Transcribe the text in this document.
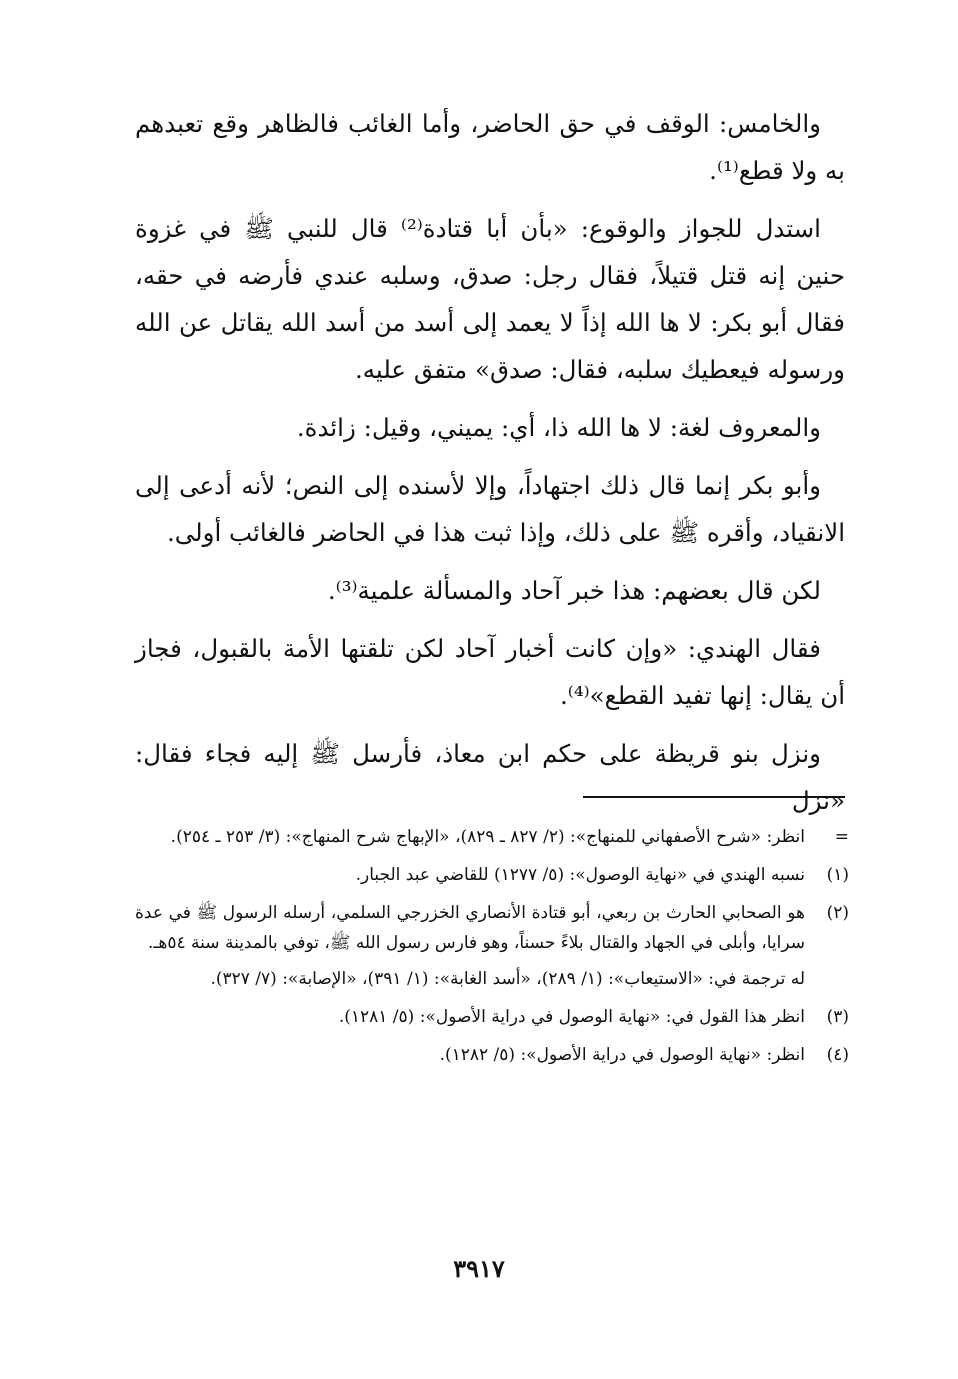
والخامس: الوقف في حق الحاضر، وأما الغائب فالظاهر وقع تعبدهم به ولا قطع⁽¹⁾.

استدل للجواز والوقوع: «بأن أبا قتادة⁽²⁾ قال للنبي ﷺ في غزوة حنين إنه قتل قتيلاً، فقال رجل: صدق، وسلبه عندي فأرضه في حقه، فقال أبو بكر: لا ها الله إذاً لا يعمد إلى أسد من أسد الله يقاتل عن الله ورسوله فيعطيك سلبه، فقال: صدق» متفق عليه.

والمعروف لغة: لا ها الله ذا، أي: يميني، وقيل: زائدة.

وأبو بكر إنما قال ذلك اجتهاداً، وإلا لأسنده إلى النص؛ لأنه أدعى إلى الانقياد، وأقره ﷺ على ذلك، وإذا ثبت هذا في الحاضر فالغائب أولى.

لكن قال بعضهم: هذا خبر آحاد والمسألة علمية⁽³⁾.

فقال الهندي: «وإن كانت أخبار آحاد لكن تلقتها الأمة بالقبول، فجاز أن يقال: إنها تفيد القطع»⁽⁴⁾.

ونزل بنو قريظة على حكم ابن معاذ، فأرسل ﷺ إليه فجاء فقال: «نزل

=
انظر: «شرح الأصفهاني للمنهاج»: (٢/ ٨٢٧ ـ ٨٢٩)، «الإبهاج شرح المنهاج»: (٣/ ٢٥٣ ـ ٢٥٤).
(١)
نسبه الهندي في «نهاية الوصول»: (٥/ ١٢٧٧) للقاضي عبد الجبار.
(٢)
هو الصحابي الحارث بن ربعي، أبو قتادة الأنصاري الخزرجي السلمي، أرسله الرسول ﷺ في عدة سرايا، وأبلى في الجهاد والقتال بلاءً حسناً، وهو فارس رسول الله ﷺ، توفي بالمدينة سنة ٥٤هـ.
له ترجمة في: «الاستيعاب»: (١/ ٢٨٩)، «أسد الغابة»: (١/ ٣٩١)، «الإصابة»: (٧/ ٣٢٧).
(٣)
انظر هذا القول في: «نهاية الوصول في دراية الأصول»: (٥/ ١٢٨١).
(٤)
انظر: «نهاية الوصول في دراية الأصول»: (٥/ ١٢٨٢).
٣٩١٧
